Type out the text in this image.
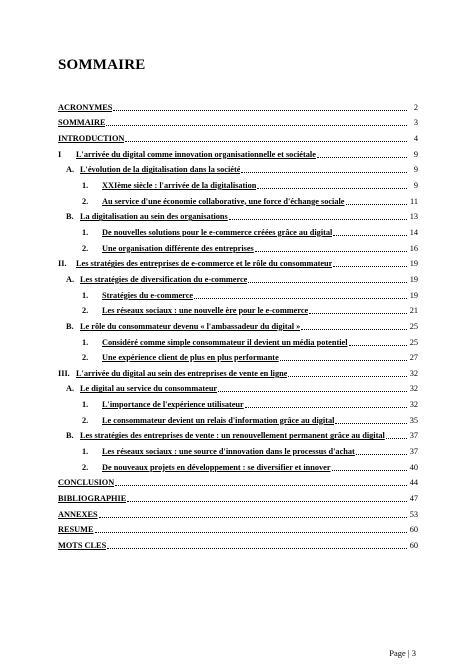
SOMMAIRE
ACRONYMES	2
SOMMAIRE	3
INTRODUCTION	4
I	L'arrivée du digital comme innovation organisationnelle et sociétale	9
A. L'évolution de la digitalisation dans la société	9
1.	XXIème siècle : l'arrivée de la digitalisation	9
2.	Au service d'une économie collaborative, une force d'échange sociale	11
B. La digitalisation au sein des organisations	13
1.	De nouvelles solutions pour le e-commerce créées grâce au digital	14
2.	Une organisation différente des entreprises	16
II.	Les stratégies des entreprises de e-commerce et le rôle du consommateur	19
A. Les stratégies de diversification du e-commerce	19
1.	Stratégies du e-commerce	19
2.	Les réseaux sociaux : une nouvelle ère pour le e-commerce	21
B. Le rôle du consommateur devenu « l'ambassadeur du digital »	25
1.	Considéré comme simple consommateur il devient un média potentiel	25
2.	Une expérience client de plus en plus performante	27
III. L'arrivée du digital au sein des entreprises de vente en ligne	32
A. Le digital au service du consommateur	32
1.	L'importance de l'expérience utilisateur	32
2.	Le consommateur devient un relais d'information grâce au digital	35
B. Les stratégies des entreprises de vente : un renouvellement permanent grâce au digital	37
1.	Les réseaux sociaux : une source d'innovation dans le processus d'achat	37
2.	De nouveaux projets en développement : se diversifier et innover	40
CONCLUSION	44
BIBLIOGRAPHIE	47
ANNEXES	53
RESUME	60
MOTS CLES	60
Page | 3
